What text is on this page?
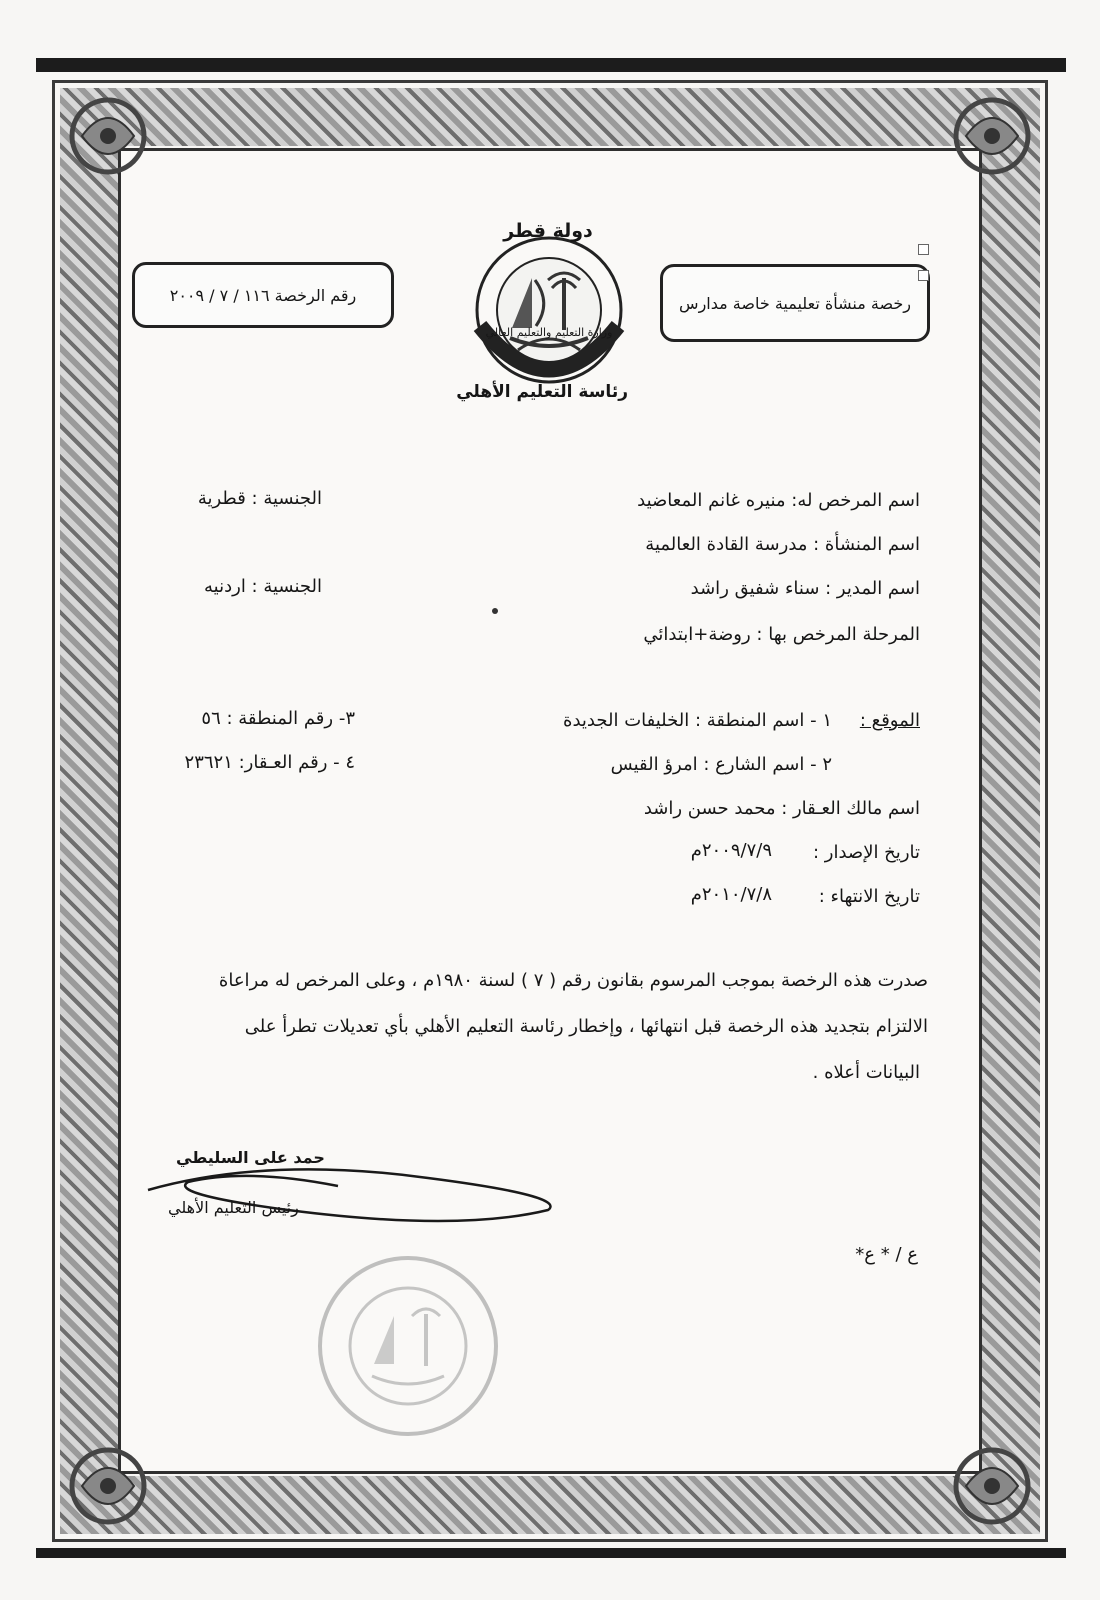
رخصة منشأة تعليمية خاصة مدارس
رقم الرخصة ١١٦ / ٧ / ٢٠٠٩
دولة قطر
وزارة التعليم والتعليم العالي
رئاسة التعليم الأهلي
اسم المرخص له: منيره غانم المعاضيد
الجنسية : قطرية
اسم المنشأة : مدرسة القادة العالمية
اسم المدير : سناء شفيق راشد
الجنسية : اردنيه
المرحلة المرخص بها : روضة+ابتدائي
الموقع :
١ - اسم المنطقة : الخليفات الجديدة
٣- رقم المنطقة : ٥٦
٢ - اسم الشارع : امرؤ القيس
٤ - رقم العـقار: ٢٣٦٢١
اسم مالك العـقار : محمد حسن راشد
تاريخ الإصدار :
٢٠٠٩/٧/٩م
تاريخ الانتهاء :
٢٠١٠/٧/٨م
صدرت هذه الرخصة بموجب المرسوم بقانون رقم ( ٧ ) لسنة ١٩٨٠م ، وعلى المرخص له مراعاة
الالتزام بتجديد هذه الرخصة قبل انتهائها ، وإخطار رئاسة التعليم الأهلي بأي تعديلات تطرأ على
البيانات أعلاه .
حمد على السليطي
رئيس التعليم الأهلي
ع / * ع*
